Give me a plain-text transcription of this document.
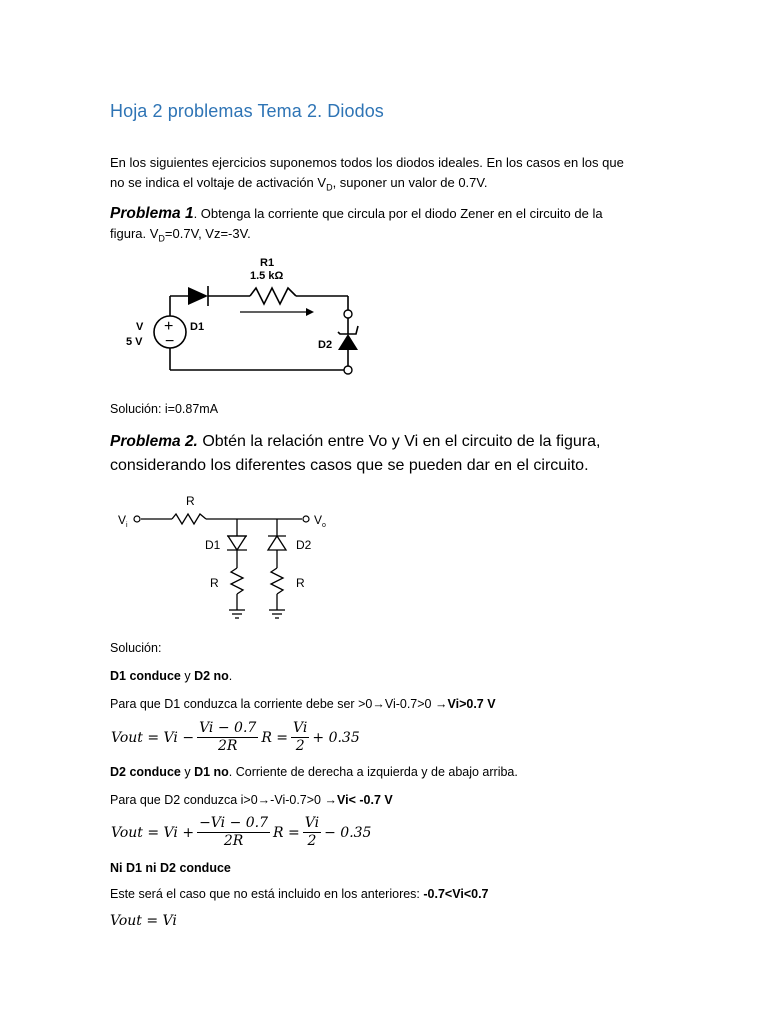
Hoja 2 problemas Tema 2. Diodos
En los siguientes ejercicios suponemos todos los diodos ideales. En los casos en los que
no se indica el voltaje de activación $V_D$, suponer un valor de 0.7V.
Problema 1. Obtenga la corriente que circula por el diodo Zener en el circuito de la
figura. $V_D=0.7V$, Vz=-3V.
+
−
R1
1.5 kΩ
V
5 V
D1
D2
Solución: i=0.87mA
Problema 2. Obtén la relación entre Vo y Vi en el circuito de la figura,
considerando los diferentes casos que se pueden dar en el circuito.
$V_i$	$V_o$
R
D1	D2
R	R
Solución:
D1 conduce y D2 no.
Para que D1 conduzca la corriente debe ser >0→Vi-0.7>0 →Vi>0.7 V
Vout = $Vi - \frac{Vi - 0.7}{2R}$ $R = \frac{Vi}{2} + 0.35$
D2 conduce y D1 no. Corriente de derecha a izquierda y de abajo arriba.
Para que D2 conduzca i>0→-Vi-0.7>0 →Vi< -0.7 V
Vout = $Vi + \frac{-Vi - 0.7}{2R}$ $R = \frac{Vi}{2} - 0.35$
Ni D1 ni D2 conduce
Este será el caso que no está incluido en los anteriores: -0.7<Vi<0.7
Vout = Vi
